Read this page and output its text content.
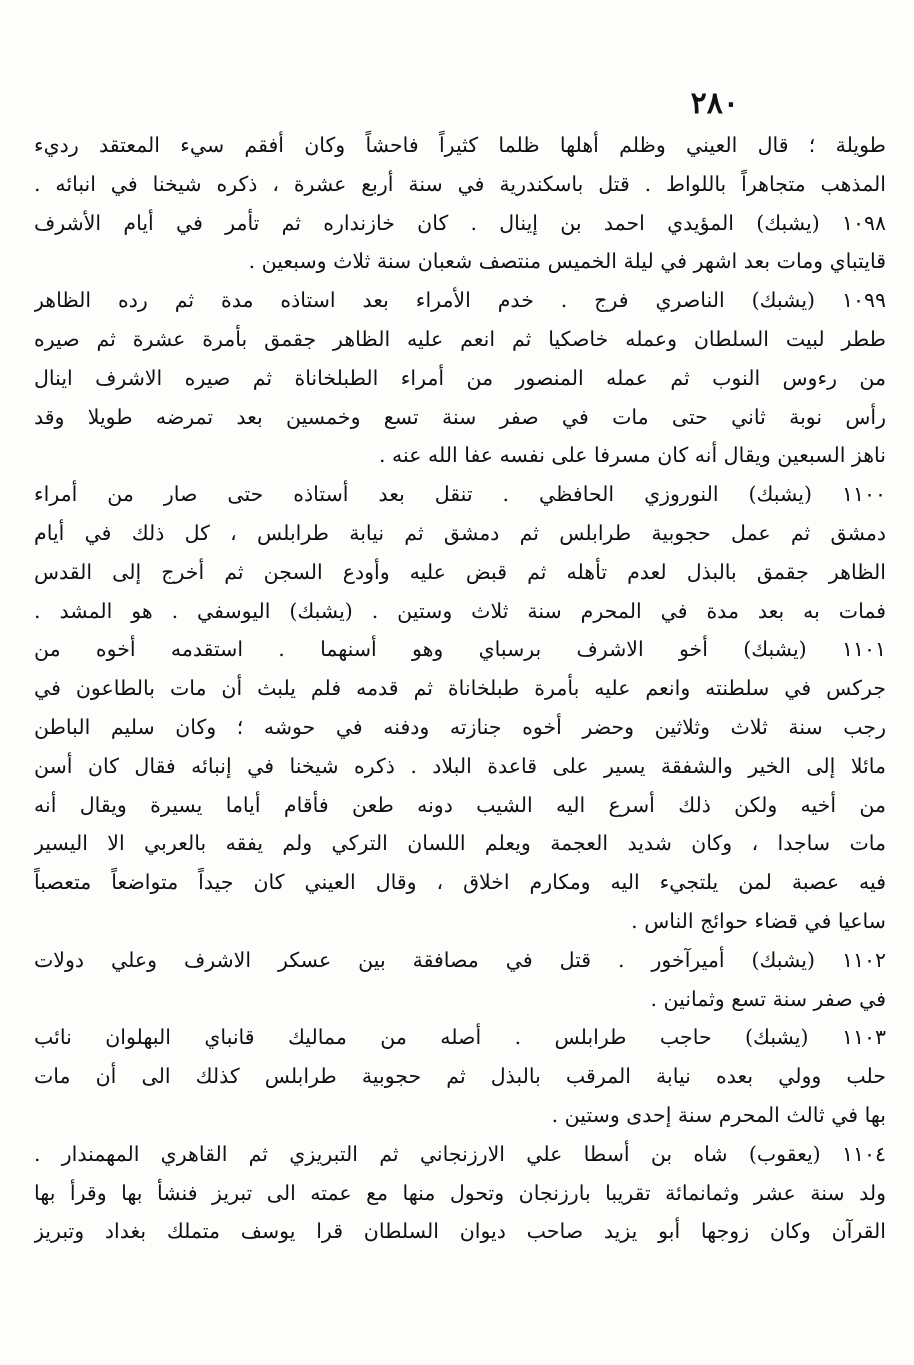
٢٨٠
طويلة ؛ قال العيني وظلم أهلها ظلما كثيراً فاحشاً وكان أفقم سيء المعتقد رديء
المذهب متجاهراً باللواط . قتل باسكندرية في سنة أربع عشرة ، ذكره شيخنا في انبائه .
١٠٩٨ (يشبك) المؤيدي احمد بن إينال . كان خازنداره ثم تأمر في أيام الأشرف
قايتباي ومات بعد اشهر في ليلة الخميس منتصف شعبان سنة ثلاث وسبعين .
١٠٩٩ (يشبك) الناصري فرج . خدم الأمراء بعد استاذه مدة ثم رده الظاهر
ططر لبيت السلطان وعمله خاصكيا ثم انعم عليه الظاهر جقمق بأمرة عشرة ثم صيره
من رءوس النوب ثم عمله المنصور من أمراء الطبلخاناة ثم صيره الاشرف اينال
رأس نوبة ثاني حتى مات في صفر سنة تسع وخمسين بعد تمرضه طويلا وقد
ناهز السبعين ويقال أنه كان مسرفا على نفسه عفا الله عنه .
١١٠٠ (يشبك) النوروزي الحافظي . تنقل بعد أستاذه حتى صار من أمراء
دمشق ثم عمل حجوبية طرابلس ثم دمشق ثم نيابة طرابلس ، كل ذلك في أيام
الظاهر جقمق بالبذل لعدم تأهله ثم قبض عليه وأودع السجن ثم أخرج إلى القدس
فمات به بعد مدة في المحرم سنة ثلاث وستين . (يشبك) اليوسفي . هو المشد .
١١٠١ (يشبك) أخو الاشرف برسباي وهو أسنهما . استقدمه أخوه من
جركس في سلطنته وانعم عليه بأمرة طبلخاناة ثم قدمه فلم يلبث أن مات بالطاعون في
رجب سنة ثلاث وثلاثين وحضر أخوه جنازته ودفنه في حوشه ؛ وكان سليم الباطن
مائلا إلى الخير والشفقة يسير على قاعدة البلاد . ذكره شيخنا في إنبائه فقال كان أسن
من أخيه ولكن ذلك أسرع اليه الشيب دونه طعن فأقام أياما يسيرة ويقال أنه
مات ساجدا ، وكان شديد العجمة ويعلم اللسان التركي ولم يفقه بالعربي الا اليسير
فيه عصبة لمن يلتجيء اليه ومكارم اخلاق ، وقال العيني كان جيداً متواضعاً متعصباً
ساعيا في قضاء حوائج الناس .
١١٠٢ (يشبك) أميرآخور . قتل في مصافقة بين عسكر الاشرف وعلي دولات
في صفر سنة تسع وثمانين .
١١٠٣ (يشبك) حاجب طرابلس . أصله من مماليك قانباي البهلوان نائب
حلب وولي بعده نيابة المرقب بالبذل ثم حجوبية طرابلس كذلك الى أن مات
بها في ثالث المحرم سنة إحدى وستين .
١١٠٤ (يعقوب) شاه بن أسطا علي الارزنجاني ثم التبريزي ثم القاهري المهمندار .
ولد سنة عشر وثمانمائة تقريبا بارزنجان وتحول منها مع عمته الى تبريز فنشأ بها وقرأ بها
القرآن وكان زوجها أبو يزيد صاحب ديوان السلطان قرا يوسف متملك بغداد وتبريز
